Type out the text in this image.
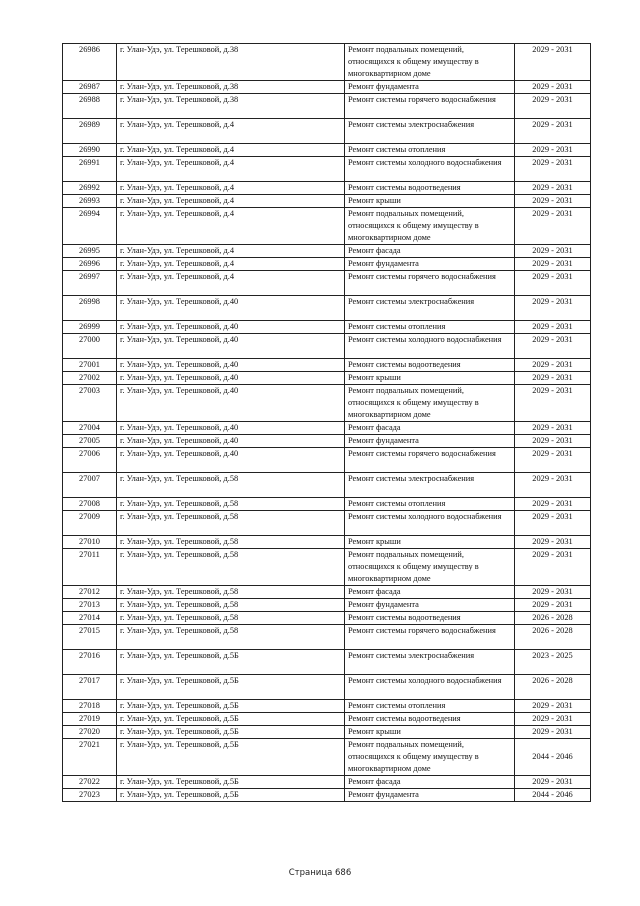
26986	г. Улан-Удэ, ул. Терешковой, д.38	Ремонт подвальных помещений, относящихся к общему имуществу в многоквартирном доме	2029 - 2031
26987	г. Улан-Удэ, ул. Терешковой, д.38	Ремонт фундамента	2029 - 2031
26988	г. Улан-Удэ, ул. Терешковой, д.38	Ремонт системы горячего водоснабжения	2029 - 2031
26989	г. Улан-Удэ, ул. Терешковой, д.4	Ремонт системы электроснабжения	2029 - 2031
26990	г. Улан-Удэ, ул. Терешковой, д.4	Ремонт системы отопления	2029 - 2031
26991	г. Улан-Удэ, ул. Терешковой, д.4	Ремонт системы холодного водоснабжения	2029 - 2031
26992	г. Улан-Удэ, ул. Терешковой, д.4	Ремонт системы водоотведения	2029 - 2031
26993	г. Улан-Удэ, ул. Терешковой, д.4	Ремонт крыши	2029 - 2031
26994	г. Улан-Удэ, ул. Терешковой, д.4	Ремонт подвальных помещений, относящихся к общему имуществу в многоквартирном доме	2029 - 2031
26995	г. Улан-Удэ, ул. Терешковой, д.4	Ремонт фасада	2029 - 2031
26996	г. Улан-Удэ, ул. Терешковой, д.4	Ремонт фундамента	2029 - 2031
26997	г. Улан-Удэ, ул. Терешковой, д.4	Ремонт системы горячего водоснабжения	2029 - 2031
26998	г. Улан-Удэ, ул. Терешковой, д.40	Ремонт системы электроснабжения	2029 - 2031
26999	г. Улан-Удэ, ул. Терешковой, д.40	Ремонт системы отопления	2029 - 2031
27000	г. Улан-Удэ, ул. Терешковой, д.40	Ремонт системы холодного водоснабжения	2029 - 2031
27001	г. Улан-Удэ, ул. Терешковой, д.40	Ремонт системы водоотведения	2029 - 2031
27002	г. Улан-Удэ, ул. Терешковой, д.40	Ремонт крыши	2029 - 2031
27003	г. Улан-Удэ, ул. Терешковой, д.40	Ремонт подвальных помещений, относящихся к общему имуществу в многоквартирном доме	2029 - 2031
27004	г. Улан-Удэ, ул. Терешковой, д.40	Ремонт фасада	2029 - 2031
27005	г. Улан-Удэ, ул. Терешковой, д.40	Ремонт фундамента	2029 - 2031
27006	г. Улан-Удэ, ул. Терешковой, д.40	Ремонт системы горячего водоснабжения	2029 - 2031
27007	г. Улан-Удэ, ул. Терешковой, д.58	Ремонт системы электроснабжения	2029 - 2031
27008	г. Улан-Удэ, ул. Терешковой, д.58	Ремонт системы отопления	2029 - 2031
27009	г. Улан-Удэ, ул. Терешковой, д.58	Ремонт системы холодного водоснабжения	2029 - 2031
27010	г. Улан-Удэ, ул. Терешковой, д.58	Ремонт крыши	2029 - 2031
27011	г. Улан-Удэ, ул. Терешковой, д.58	Ремонт подвальных помещений, относящихся к общему имуществу в многоквартирном доме	2029 - 2031
27012	г. Улан-Удэ, ул. Терешковой, д.58	Ремонт фасада	2029 - 2031
27013	г. Улан-Удэ, ул. Терешковой, д.58	Ремонт фундамента	2029 - 2031
27014	г. Улан-Удэ, ул. Терешковой, д.58	Ремонт системы водоотведения	2026 - 2028
27015	г. Улан-Удэ, ул. Терешковой, д.58	Ремонт системы горячего водоснабжения	2026 - 2028
27016	г. Улан-Удэ, ул. Терешковой, д.5Б	Ремонт системы электроснабжения	2023 - 2025
27017	г. Улан-Удэ, ул. Терешковой, д.5Б	Ремонт системы холодного водоснабжения	2026 - 2028
27018	г. Улан-Удэ, ул. Терешковой, д.5Б	Ремонт системы отопления	2029 - 2031
27019	г. Улан-Удэ, ул. Терешковой, д.5Б	Ремонт системы водоотведения	2029 - 2031
27020	г. Улан-Удэ, ул. Терешковой, д.5Б	Ремонт крыши	2029 - 2031
27021	г. Улан-Удэ, ул. Терешковой, д.5Б	Ремонт подвальных помещений, относящихся к общему имуществу в многоквартирном доме	2044 - 2046
27022	г. Улан-Удэ, ул. Терешковой, д.5Б	Ремонт фасада	2029 - 2031
27023	г. Улан-Удэ, ул. Терешковой, д.5Б	Ремонт фундамента	2044 - 2046
Страница 686
